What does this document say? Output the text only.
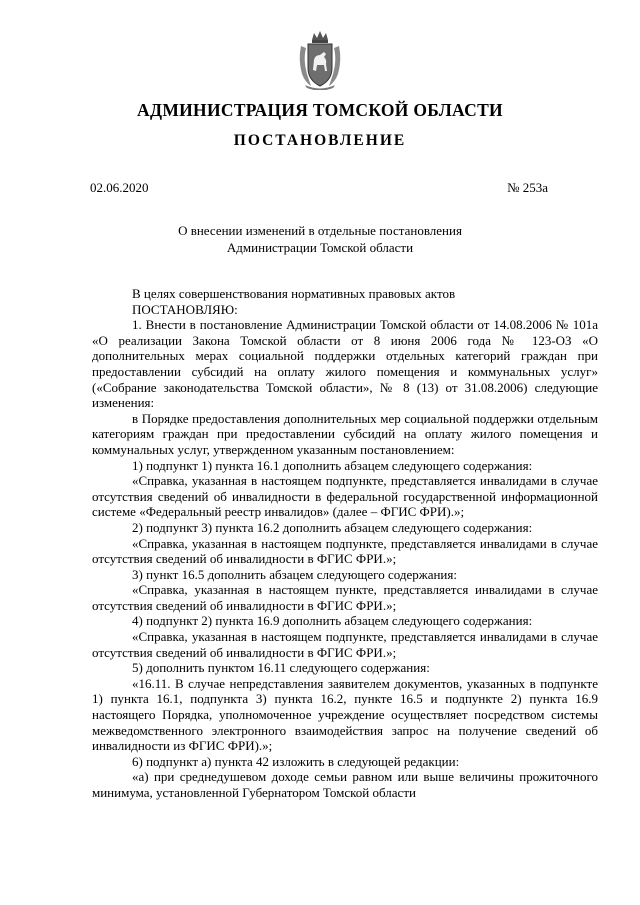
АДМИНИСТРАЦИЯ ТОМСКОЙ ОБЛАСТИ
ПОСТАНОВЛЕНИЕ
02.06.2020	№ 253а
О внесении изменений в отдельные постановления
Администрации Томской области

В целях совершенствования нормативных правовых актов

ПОСТАНОВЛЯЮ:

1. Внести в постановление Администрации Томской области от 14.08.2006 № 101а «О реализации Закона Томской области от 8 июня 2006 года № 123-ОЗ «О дополнительных мерах социальной поддержки отдельных категорий граждан при предоставлении субсидий на оплату жилого помещения и коммунальных услуг» («Собрание законодательства Томской области», № 8 (13) от 31.08.2006) следующие изменения:

в Порядке предоставления дополнительных мер социальной поддержки отдельным категориям граждан при предоставлении субсидий на оплату жилого помещения и коммунальных услуг, утвержденном указанным постановлением:

1) подпункт 1) пункта 16.1 дополнить абзацем следующего содержания:

«Справка, указанная в настоящем подпункте, представляется инвалидами в случае отсутствия сведений об инвалидности в федеральной государственной информационной системе «Федеральный реестр инвалидов» (далее – ФГИС ФРИ).»;

2) подпункт 3) пункта 16.2 дополнить абзацем следующего содержания:

«Справка, указанная в настоящем подпункте, представляется инвалидами в случае отсутствия сведений об инвалидности в ФГИС ФРИ.»;

3) пункт 16.5 дополнить абзацем следующего содержания:

«Справка, указанная в настоящем пункте, представляется инвалидами в случае отсутствия сведений об инвалидности в ФГИС ФРИ.»;

4) подпункт 2) пункта 16.9 дополнить абзацем следующего содержания:

«Справка, указанная в настоящем подпункте, представляется инвалидами в случае отсутствия сведений об инвалидности в ФГИС ФРИ.»;

5) дополнить пунктом 16.11 следующего содержания:

«16.11. В случае непредставления заявителем документов, указанных в подпункте 1) пункта 16.1, подпункта 3) пункта 16.2, пункте 16.5 и подпункте 2) пункта 16.9 настоящего Порядка, уполномоченное учреждение осуществляет посредством системы межведомственного электронного взаимодействия запрос на получение сведений об инвалидности из ФГИС ФРИ).»;

6) подпункт а) пункта 42 изложить в следующей редакции:

«а) при среднедушевом доходе семьи равном или выше величины прожиточного минимума, установленной Губернатором Томской области
